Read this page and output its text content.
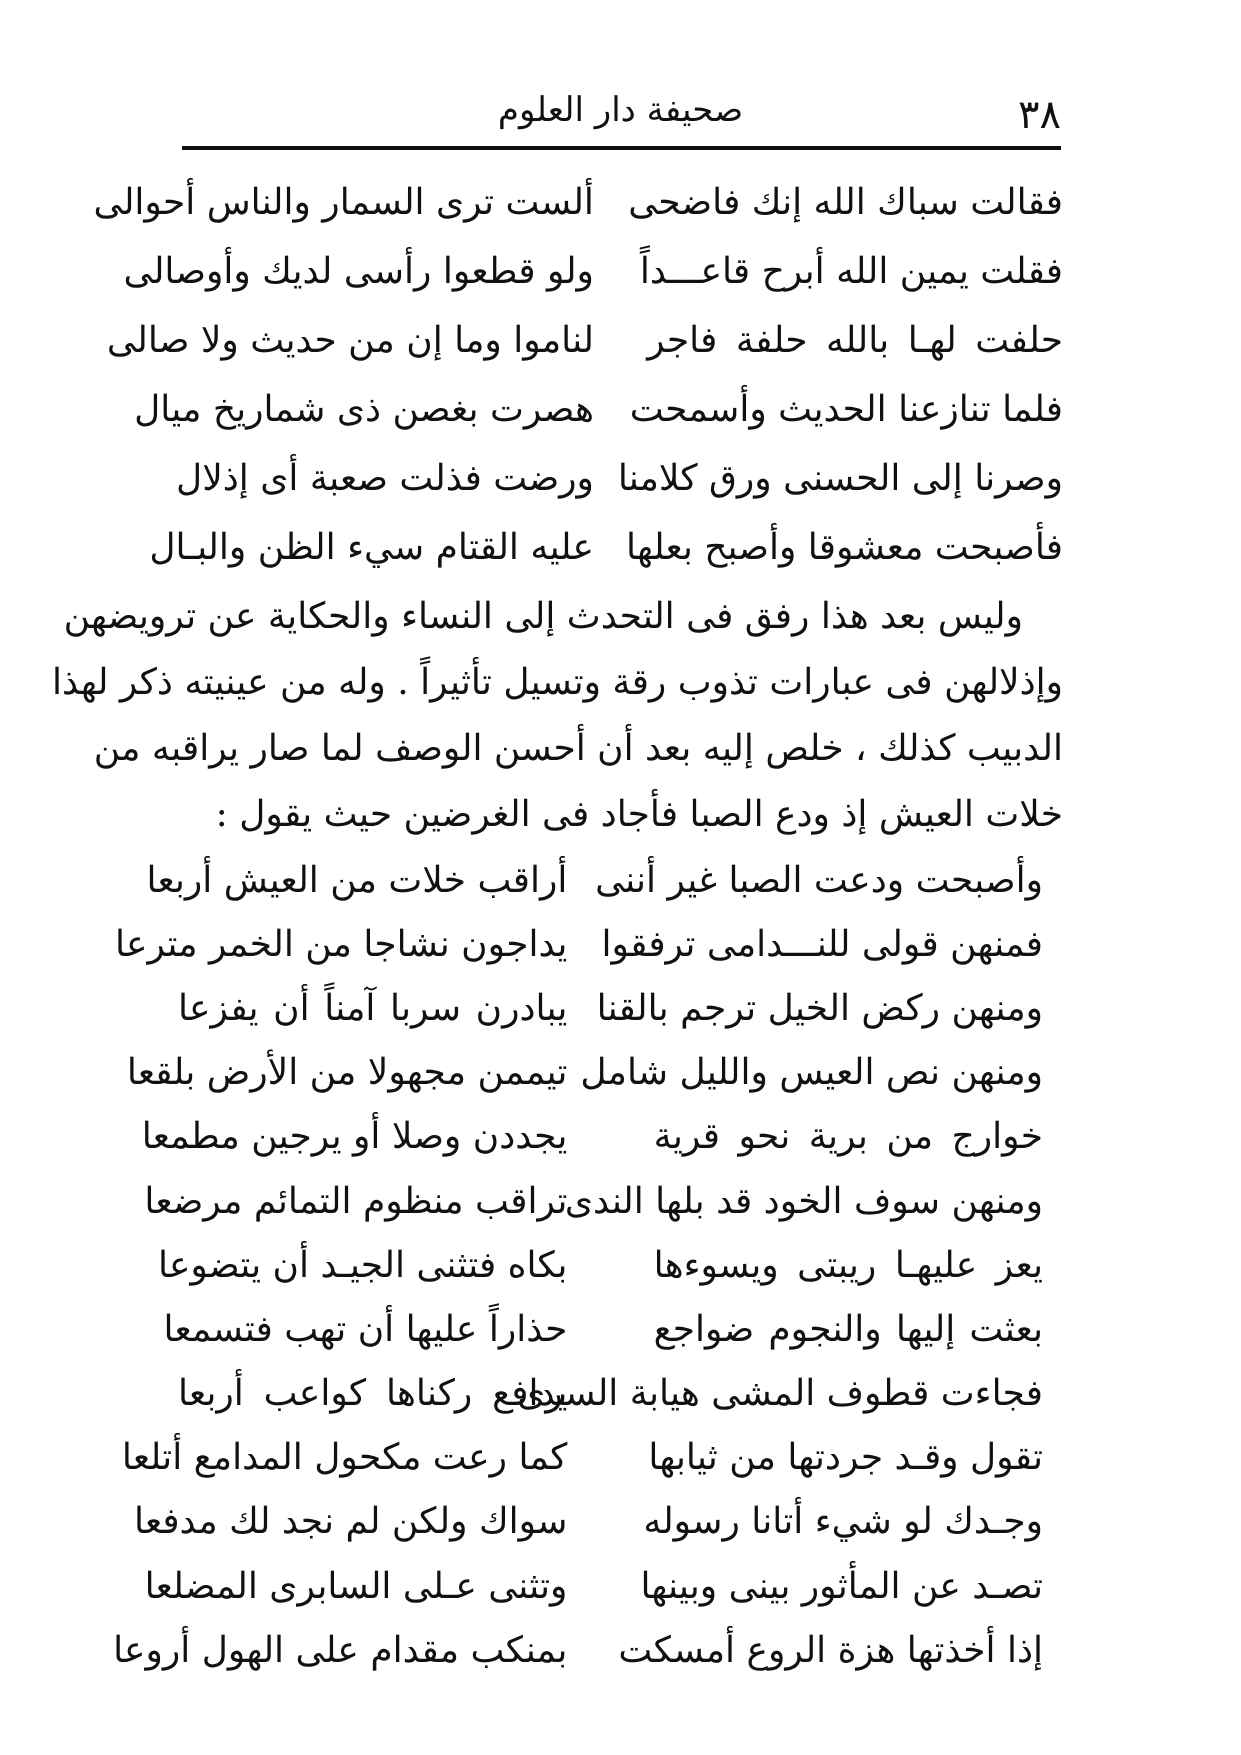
٣٨
صحيفة دار العلوم
فقالت سباك الله إنك فاضحى
ألست ترى السمار والناس أحوالى
فقلت يمين الله أبرح قاعـــداً
ولو قطعوا رأسى لديك وأوصالى
حلفت لهـا بالله حلفة فاجر
لناموا وما إن من حديث ولا صالى
فلما تنازعنا الحديث وأسمحت
هصرت بغصن ذى شماريخ ميال
وصرنا إلى الحسنى ورق كلامنا
ورضت فذلت صعبة أى إذلال
فأصبحت معشوقا وأصبح بعلها
عليه القتام سيء الظن والبـال
وليس بعد هذا رفق فى التحدث إلى النساء والحكاية عن ترويضهن
وإذلالهن فى عبارات تذوب رقة وتسيل تأثيراً . وله من عينيته ذكر لهذا
الدبيب كذلك ، خلص إليه بعد أن أحسن الوصف لما صار يراقبه من
خلات العيش إذ ودع الصبا فأجاد فى الغرضين حيث يقول :
وأصبحت ودعت الصبا غير أننى
أراقب خلات من العيش أربعا
فمنهن قولى للنـــدامى ترفقوا
يداجون نشاجا من الخمر مترعا
ومنهن ركض الخيل ترجم بالقنا
يبادرن سربا آمناً أن يفزعا
ومنهن نص العيس والليل شامل
تيممن مجهولا من الأرض بلقعا
خوارج من برية نحو قرية
يجددن وصلا أو يرجين مطمعا
ومنهن سوف الخود قد بلها الندى
تراقب منظوم التمائم مرضعا
يعز عليهـا ريبتى ويسوءها
بكاه فتثنى الجيـد أن يتضوعا
بعثت إليها والنجوم ضواجع
حذاراً عليها أن تهب فتسمعا
فجاءت قطوف المشى هيابة السرى
يدافع ركناها كواعب أربعا
تقول وقـد جردتها من ثيابها
كما رعت مكحول المدامع أتلعا
وجـدك لو شيء أتانا رسوله
سواك ولكن لم نجد لك مدفعا
تصـد عن المأثور بينى وبينها
وتثنى عـلى السابرى المضلعا
إذا أخذتها هزة الروع أمسكت
بمنكب مقدام على الهول أروعا
